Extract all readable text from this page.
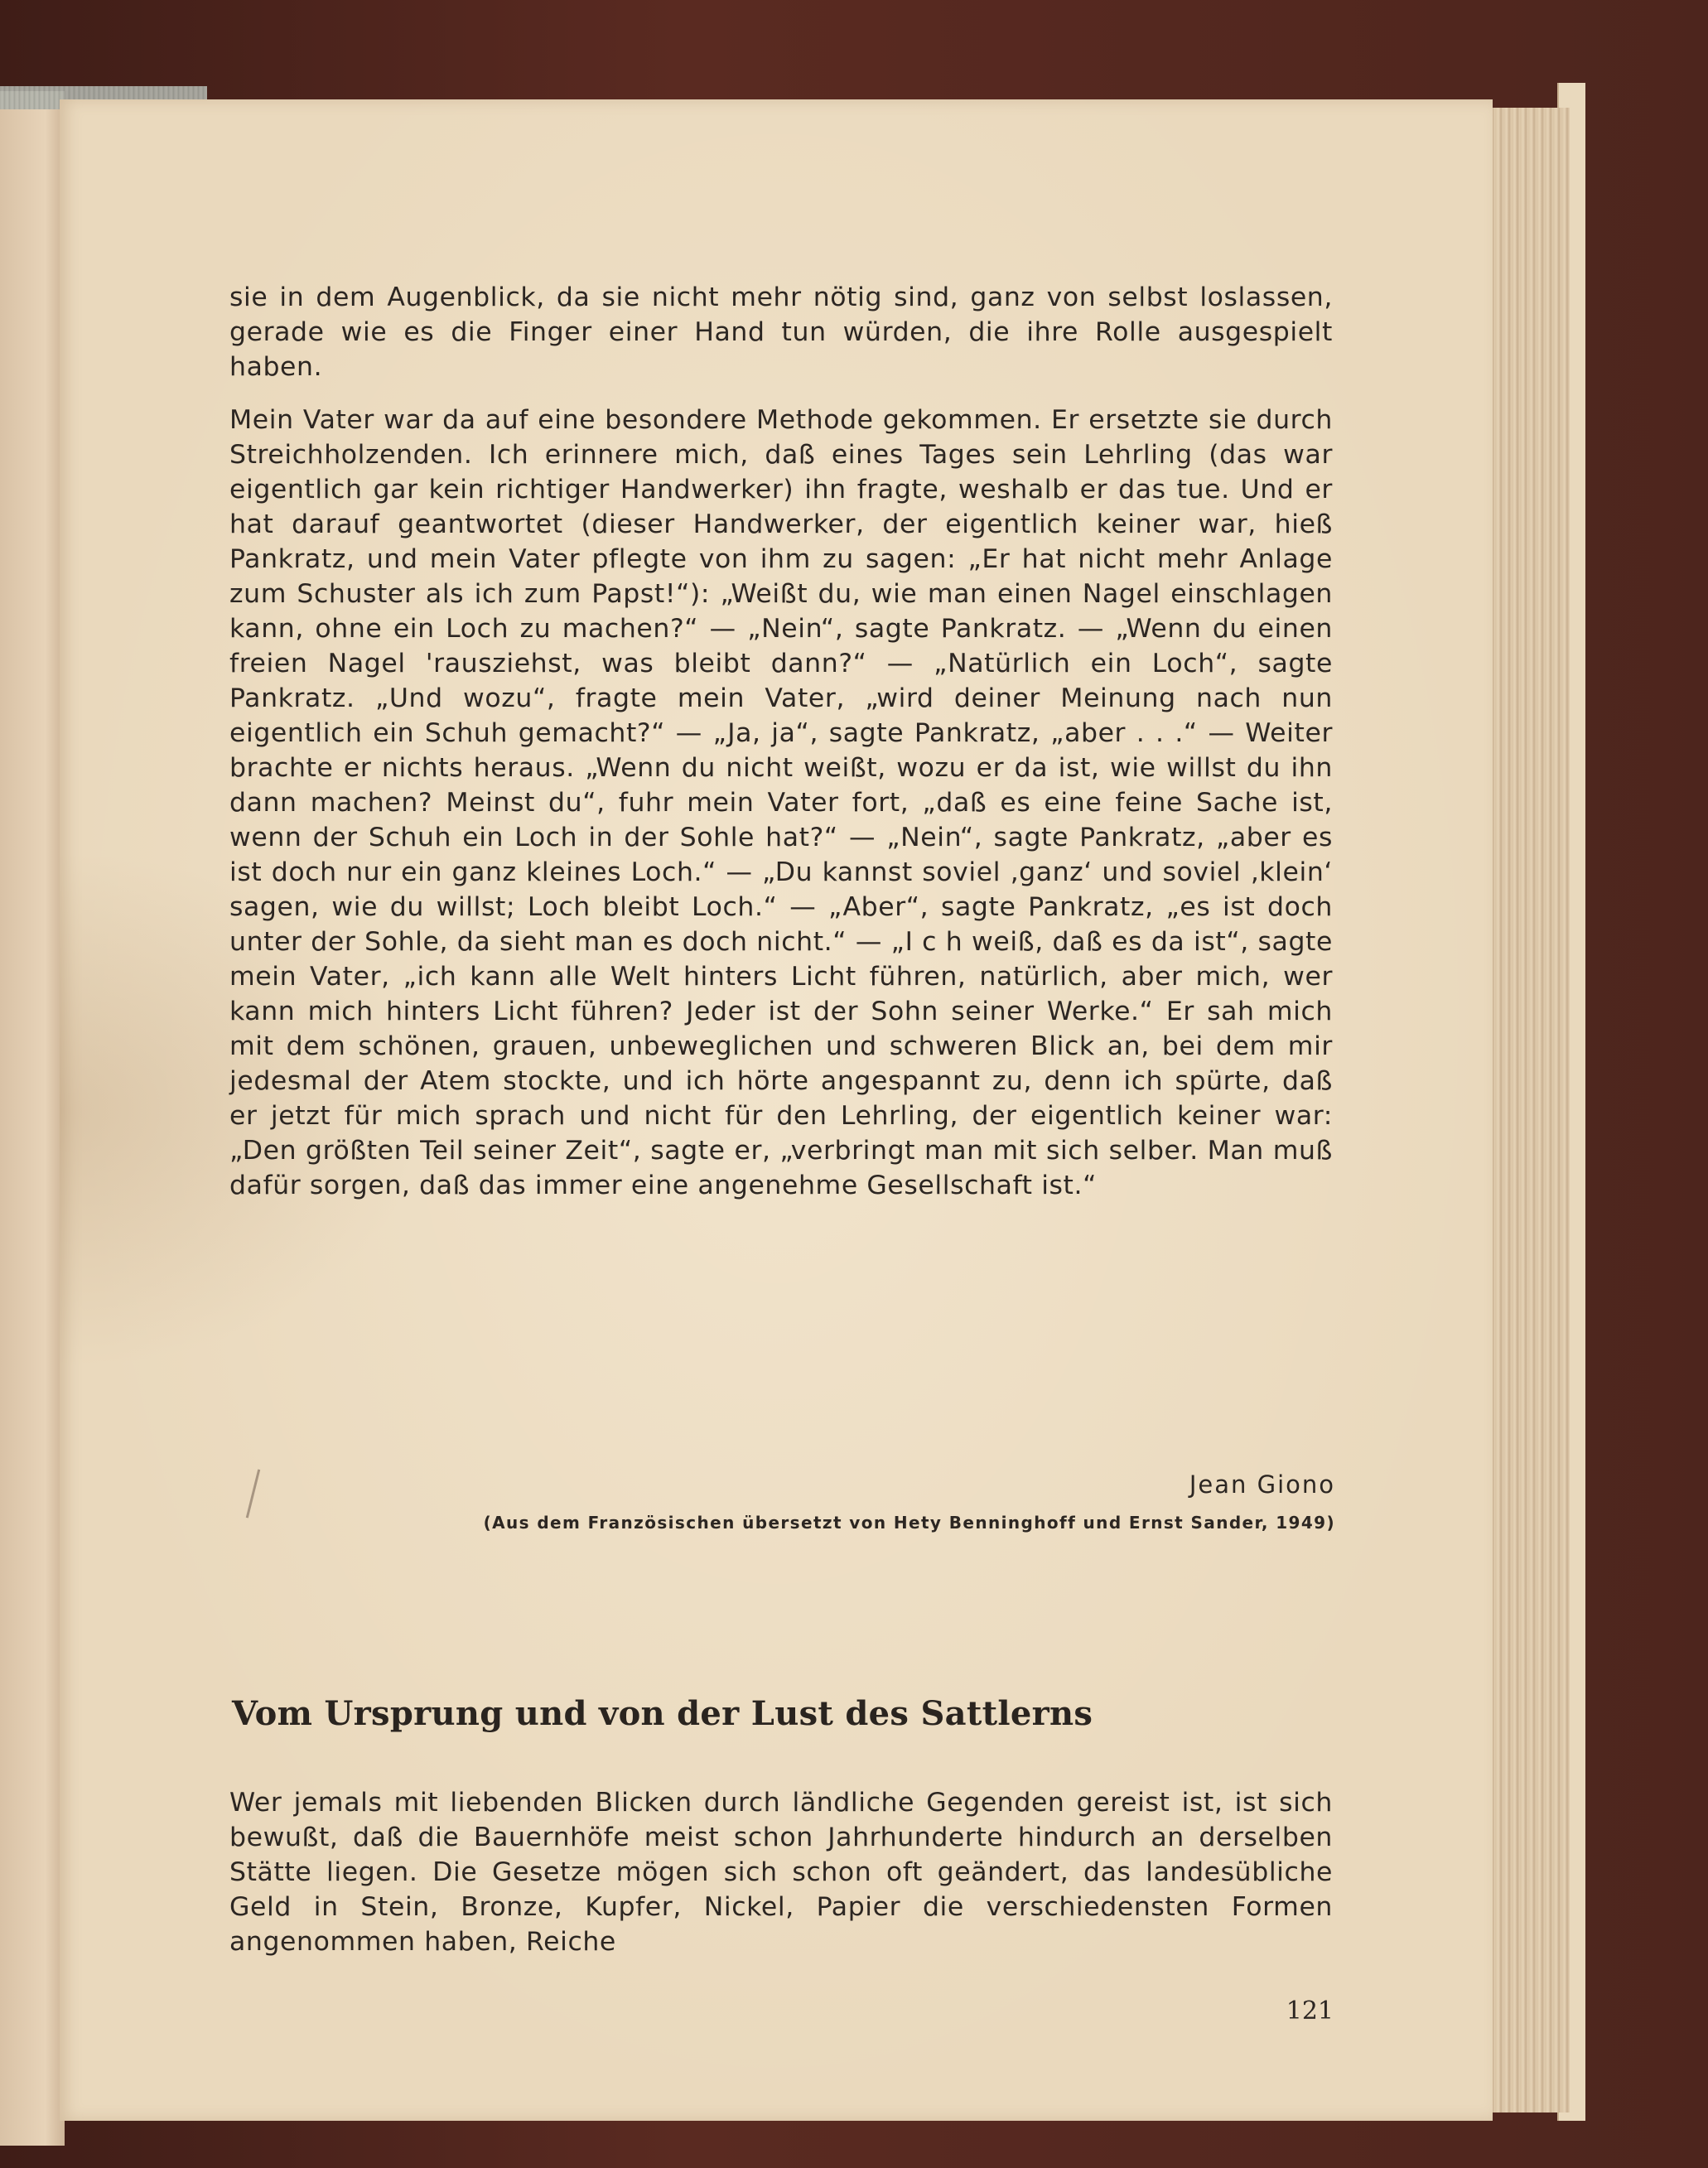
sie in dem Augenblick, da sie nicht mehr nötig sind, ganz von selbst loslassen, gerade wie es die Finger einer Hand tun würden, die ihre Rolle ausgespielt haben.

Mein Vater war da auf eine besondere Methode gekommen. Er ersetzte sie durch Streichholzenden. Ich erinnere mich, daß eines Tages sein Lehrling (das war eigentlich gar kein richtiger Handwerker) ihn fragte, weshalb er das tue. Und er hat darauf geantwortet (dieser Handwerker, der eigentlich keiner war, hieß Pankratz, und mein Vater pflegte von ihm zu sagen: „Er hat nicht mehr Anlage zum Schuster als ich zum Papst!“): „Weißt du, wie man einen Nagel einschlagen kann, ohne ein Loch zu machen?“ — „Nein“, sagte Pankratz. — „Wenn du einen freien Nagel 'rausziehst, was bleibt dann?“ — „Natürlich ein Loch“, sagte Pankratz. „Und wozu“, fragte mein Vater, „wird deiner Meinung nach nun eigentlich ein Schuh gemacht?“ — „Ja, ja“, sagte Pankratz, „aber . . .“ — Weiter brachte er nichts heraus. „Wenn du nicht weißt, wozu er da ist, wie willst du ihn dann machen? Meinst du“, fuhr mein Vater fort, „daß es eine feine Sache ist, wenn der Schuh ein Loch in der Sohle hat?“ — „Nein“, sagte Pankratz, „aber es ist doch nur ein ganz kleines Loch.“ — „Du kannst soviel ‚ganz‘ und soviel ‚klein‘ sagen, wie du willst; Loch bleibt Loch.“ — „Aber“, sagte Pankratz, „es ist doch unter der Sohle, da sieht man es doch nicht.“ — „I c h weiß, daß es da ist“, sagte mein Vater, „ich kann alle Welt hinters Licht führen, natürlich, aber mich, wer kann mich hinters Licht führen? Jeder ist der Sohn seiner Werke.“ Er sah mich mit dem schönen, grauen, unbeweglichen und schweren Blick an, bei dem mir jedesmal der Atem stockte, und ich hörte angespannt zu, denn ich spürte, daß er jetzt für mich sprach und nicht für den Lehrling, der eigentlich keiner war: „Den größten Teil seiner Zeit“, sagte er, „verbringt man mit sich selber. Man muß dafür sorgen, daß das immer eine angenehme Gesellschaft ist.“

Jean Giono
(Aus dem Französischen übersetzt von Hety Benninghoff und Ernst Sander, 1949)
Vom Ursprung und von der Lust des Sattlerns

Wer jemals mit liebenden Blicken durch ländliche Gegenden gereist ist, ist sich bewußt, daß die Bauernhöfe meist schon Jahrhunderte hindurch an derselben Stätte liegen. Die Gesetze mögen sich schon oft geändert, das landesübliche Geld in Stein, Bronze, Kupfer, Nickel, Papier die verschiedensten Formen angenommen haben, Reiche

121
